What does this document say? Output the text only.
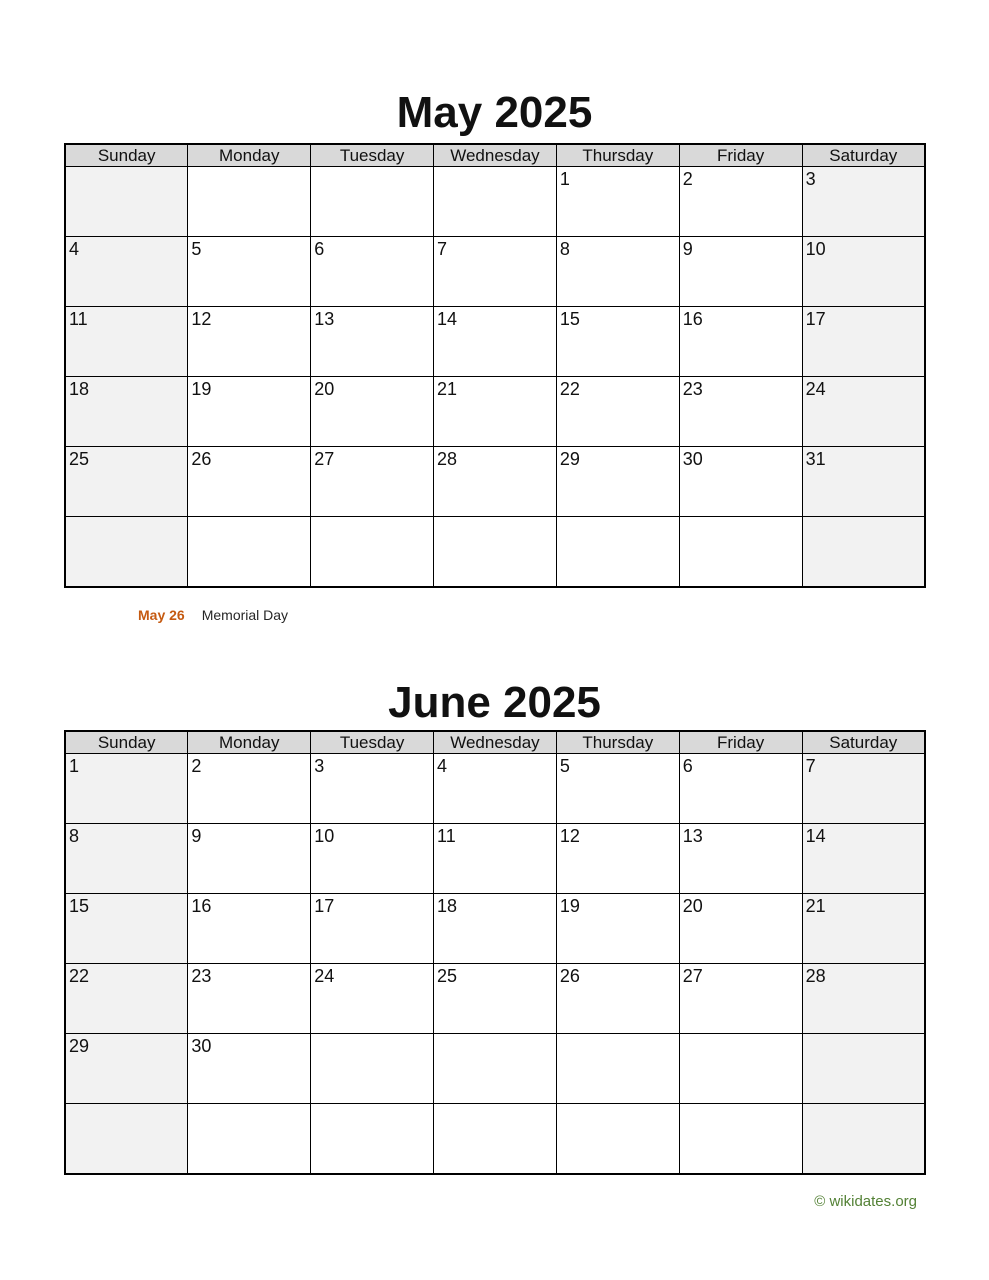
May 2025
Sunday	Monday	Tuesday	Wednesday	Thursday	Friday	Saturday
				1	2	3
4	5	6	7	8	9	10
11	12	13	14	15	16	17
18	19	20	21	22	23	24
25	26	27	28	29	30	31

May 26 Memorial Day
June 2025
Sunday	Monday	Tuesday	Wednesday	Thursday	Friday	Saturday
1	2	3	4	5	6	7
8	9	10	11	12	13	14
15	16	17	18	19	20	21
22	23	24	25	26	27	28
29	30					

© wikidates.org
